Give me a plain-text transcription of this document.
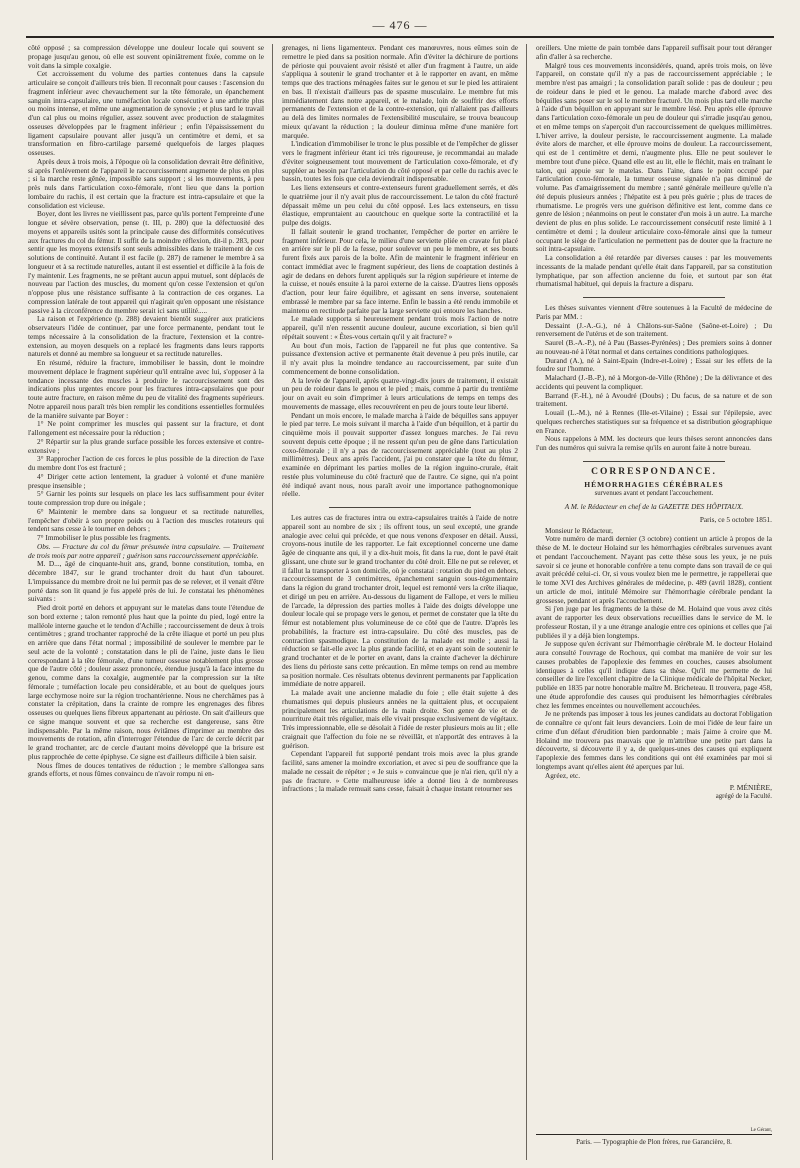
— 476 —

côté opposé ; sa compression développe une douleur locale qui souvent se propage jusqu'au genou, où elle est souvent opiniâtrement fixée, comme on le voit dans la simple coxalgie.

Cet accroissement du volume des parties contenues dans la capsule articulaire se conçoit d'ailleurs très bien. Il reconnaît pour causes : l'ascension du fragment inférieur avec chevauchement sur la tête fémorale, un épanchement sanguin intra-capsulaire, une tuméfaction locale consécutive à une arthrite plus ou moins intense, et même une augmentation de synovie ; et plus tard le travail d'un cal plus ou moins régulier, assez souvent avec production de stalagmites osseuses développées par le fragment inférieur ; enfin l'épaississement du ligament capsulaire pouvant aller jusqu'à un centimètre et demi, et sa transformation en fibro-cartilage parsemé quelquefois de larges plaques osseuses.

Après deux à trois mois, à l'époque où la consolidation devrait être définitive, si après l'enlèvement de l'appareil le raccourcissement augmente de plus en plus ; si la marche reste gênée, impossible sans support ; si les mouvements, à peu près nuls dans l'articulation coxo-fémorale, n'ont lieu que dans la portion lombaire du rachis, il est certain que la fracture est intra-capsulaire et que la consolidation est vicieuse.

Boyer, dont les livres ne vieillissent pas, parce qu'ils portent l'empreinte d'une longue et sévère observation, pense (t. III, p. 280) que la défectuosité des moyens et appareils usités sont la principale cause des difformités consécutives aux fractures du col du fémur. Il suffit de la moindre réflexion, dit-il p. 283, pour sentir que les moyens extensifs sont seuls admissibles dans le traitement de ces solutions de continuité. Autant il est facile (p. 287) de ramener le membre à sa longueur et à sa rectitude naturelles, autant il est essentiel et difficile à la fois de l'y maintenir. Les fragments, ne se prêtant aucun appui mutuel, sont déplacés de nouveau par l'action des muscles, du moment qu'on cesse l'extension et qu'on n'oppose plus une résistance suffisante à la contraction de ces organes. La compression latérale de tout appareil qui n'agirait qu'en opposant une résistance passive à la circonférence du membre serait ici sans utilité.....

La raison et l'expérience (p. 288) devaient bientôt suggérer aux praticiens observateurs l'idée de continuer, par une force permanente, pendant tout le temps nécessaire à la consolidation de la fracture, l'extension et la contre-extension, au moyen desquels on a replacé les fragments dans leurs rapports naturels et donné au membre sa longueur et sa rectitude naturelles.

En résumé, réduire la fracture, immobiliser le bassin, dont le moindre mouvement déplace le fragment supérieur qu'il entraîne avec lui, s'opposer à la tendance incessante des muscles à produire le raccourcissement sont des indications plus urgentes encore pour les fractures intra-capsulaires que pour toute autre fracture, en raison même du peu de vitalité des fragments supérieurs. Notre appareil nous paraît très bien remplir les conditions essentielles formulées de la manière suivante par Boyer :

1° Ne point comprimer les muscles qui passent sur la fracture, et dont l'allongement est nécessaire pour la réduction ;

2° Répartir sur la plus grande surface possible les forces extensive et contre-extensive ;

3° Rapprocher l'action de ces forces le plus possible de la direction de l'axe du membre dont l'os est fracturé ;

4° Diriger cette action lentement, la graduer à volonté et d'une manière presque insensible ;

5° Garnir les points sur lesquels on place les lacs suffisamment pour éviter toute compression trop dure ou inégale ;

6° Maintenir le membre dans sa longueur et sa rectitude naturelles, l'empêcher d'obéir à son propre poids ou à l'action des muscles rotateurs qui tendent sans cesse à le tourner en dehors ;

7° Immobiliser le plus possible les fragments.

Obs. — Fracture du col du fémur présumée intra capsulaire. — Traitement de trois mois par notre appareil ; guérison sans raccourcissement appréciable.

M. D..., âgé de cinquante-huit ans, grand, bonne constitution, tomba, en décembre 1847, sur le grand trochanter droit du haut d'un tabouret. L'impuissance du membre droit ne lui permit pas de se relever, et il venait d'être porté dans son lit quand je fus appelé près de lui. Je constatai les phénomènes suivants :

Pied droit porté en dehors et appuyant sur le matelas dans toute l'étendue de son bord externe ; talon remonté plus haut que la pointe du pied, logé entre la malléole interne gauche et le tendon d'Achille ; raccourcissement de deux à trois centimètres ; grand trochanter rapproché de la crête iliaque et porté un peu plus en arrière que dans l'état normal ; impossibilité de soulever le membre par le seul acte de la volonté ; constatation dans le pli de l'aine, juste dans le lieu correspondant à la tête fémorale, d'une tumeur osseuse notablement plus grosse que de l'autre côté ; douleur assez prononcée, étendue jusqu'à la face interne du genou, comme dans la coxalgie, augmentée par la compression sur la tête fémorale ; tuméfaction locale peu considérable, et au bout de quelques jours large ecchymose noire sur la région trochantérienne. Nous ne cherchâmes pas à constater la crépitation, dans la crainte de rompre les engrenages des fibres osseuses ou quelques liens fibreux appartenant au périoste. On sait d'ailleurs que ce signe manque souvent et que sa recherche est dangereuse, sans être indispensable. Par la même raison, nous évitâmes d'imprimer au membre des mouvements de rotation, afin d'interroger l'étendue de l'arc de cercle décrit par le grand trochanter, arc de cercle d'autant moins développé que la brisure est plus rapprochée de cette épiphyse. Ce signe est d'ailleurs difficile à bien saisir.

Nous fîmes de douces tentatives de réduction ; le membre s'allongea sans grands efforts, et nous fûmes convaincu de n'avoir rompu ni en-

grenages, ni liens ligamenteux. Pendant ces manœuvres, nous eûmes soin de remettre le pied dans sa position normale. Afin d'éviter la déchirure de portions de périoste qui pouvaient avoir résisté et aller d'un fragment à l'autre, un aide s'appliqua à soutenir le grand trochanter et à le rapporter en avant, en même temps que des tractions ménagées faites sur le genou et sur le pied les attiraient en bas. Il n'existait d'ailleurs pas de spasme musculaire. Le membre fut mis immédiatement dans notre appareil, et le malade, loin de souffrir des efforts permanents de l'extension et de la contre-extension, qui n'allaient pas d'ailleurs au delà des limites normales de l'extensibilité musculaire, se trouva beaucoup mieux qu'avant la réduction ; la douleur diminua même d'une manière fort marquée.

L'indication d'immobiliser le tronc le plus possible et de l'empêcher de glisser vers le fragment inférieur étant ici très rigoureuse, je recommandai au malade d'éviter soigneusement tout mouvement de l'articulation coxo-fémorale, et d'y suppléer au besoin par l'articulation du côté opposé et par celle du rachis avec le bassin, toutes les fois que cela deviendrait indispensable.

Les liens extenseurs et contre-extenseurs furent graduellement serrés, et dès le quatrième jour il n'y avait plus de raccourcissement. Le talon du côté fracturé dépassait même un peu celui du côté opposé. Les lacs extenseurs, en tissu élastique, empruntaient au caoutchouc en quelque sorte la contractilité et la pulpe des doigts.

Il fallait soutenir le grand trochanter, l'empêcher de porter en arrière le fragment inférieur. Pour cela, le milieu d'une serviette pliée en cravate fut placé en arrière sur le pli de la fesse, pour soulever un peu le membre, et ses bouts furent fixés aux parois de la boîte. Afin de maintenir le fragment inférieur en contact immédiat avec le fragment supérieur, des liens de coaptation destinés à agir de dedans en dehors furent appliqués sur la région supérieure et interne de la cuisse, et noués ensuite à la paroi externe de la caisse. D'autres liens opposés d'action, pour leur faire équilibre, et agissant en sens inverse, soutenaient embrassé le membre par sa face interne. Enfin le bassin a été rendu immobile et maintenu en rectitude parfaite par la large serviette qui entoure les hanches.

Le malade supporta si heureusement pendant trois mois l'action de notre appareil, qu'il n'en ressentit aucune douleur, aucune excoriation, si bien qu'il répétait souvent : « Êtes-vous certain qu'il y ait fracture? »

Au bout d'un mois, l'action de l'appareil ne fut plus que contentive. Sa puissance d'extension active et permanente était devenue à peu près inutile, car il n'y avait plus la moindre tendance au raccourcissement, par suite d'un commencement de bonne consolidation.

A la levée de l'appareil, après quatre-vingt-dix jours de traitement, il existait un peu de roideur dans le genou et le pied ; mais, comme à partir du trentième jour on avait eu soin d'imprimer à leurs articulations de temps en temps des mouvements de massage, elles recouvrèrent en peu de jours toute leur liberté.

Pendant un mois encore, le malade marcha à l'aide de béquilles sans appuyer le pied par terre. Le mois suivant il marcha à l'aide d'un béquillon, et à partir du cinquième mois il pouvait supporter d'assez longues marches. Je l'ai revu souvent depuis cette époque ; il ne ressent qu'un peu de gêne dans l'articulation coxo-fémorale ; il n'y a pas de raccourcissement appréciable (tout au plus 2 millimètres). Deux ans après l'accident, j'ai pu constater que la tête du fémur, examinée en déprimant les parties molles de la région inguino-crurale, était restée plus volumineuse du côté fracturé que de l'autre. Ce signe, qui n'a point été indiqué avant nous, nous paraît avoir une importance pathognomonique réelle.

Les autres cas de fractures intra ou extra-capsulaires traités à l'aide de notre appareil sont au nombre de six ; ils offrent tous, un seul excepté, une grande analogie avec celui qui précède, et que nous venons d'exposer en détail. Aussi, croyons-nous inutile de les rapporter. Le fait exceptionnel concerne une dame âgée de cinquante ans qui, il y a dix-huit mois, fit dans la rue, dont le pavé était glissant, une chute sur le grand trochanter du côté droit. Elle ne put se relever, et il fallut la transporter à son domicile, où je constatai : rotation du pied en dehors, raccourcissement de 3 centimètres, épanchement sanguin sous-tégumentaire dans la région du grand trochanter droit, lequel est remonté vers la crête iliaque, et dirigé un peu en arrière. Au-dessous du ligament de Fallope, et vers le milieu de l'arcade, la dépression des parties molles à l'aide des doigts développe une douleur locale qui se propage vers le genou, et permet de constater que la tête du fémur est notablement plus volumineuse de ce côté que de l'autre. D'après les probabilités, la fracture est intra-capsulaire. Du côté des muscles, pas de contraction spasmodique. La constitution de la malade est molle ; aussi la réduction se fait-elle avec la plus grande facilité, et en ayant soin de soutenir le grand trochanter et de le porter en avant, dans la crainte d'achever la déchirure des liens du périoste sans cette précaution. En même temps on rend au membre sa position normale. Ces résultats obtenus devinrent permanents par l'application immédiate de notre appareil.

La malade avait une ancienne maladie du foie ; elle était sujette à des rhumatismes qui depuis plusieurs années ne la quittaient plus, et occupaient principalement les articulations de la main droite. Son genre de vie et de nourriture était très régulier, mais elle vivait presque exclusivement de végétaux. Très impressionnable, elle se désolait à l'idée de rester plusieurs mois au lit ; elle craignait que l'affection du foie ne se réveillât, et n'apportât des entraves à la guérison.

Cependant l'appareil fut supporté pendant trois mois avec la plus grande facilité, sans amener la moindre excoriation, et avec si peu de souffrance que la malade ne cessait de répéter ; « Je suis » convaincue que je n'ai rien, qu'il n'y a pas de fracture. » Cette malheureuse idée a donné lieu à de nombreuses infractions ; la malade remuait sans cesse, faisait à chaque instant retourner ses

oreillers. Une miette de pain tombée dans l'appareil suffisait pour tout déranger afin d'aller à sa recherche.

Malgré tous ces mouvements inconsidérés, quand, après trois mois, on lève l'appareil, on constate qu'il n'y a pas de raccourcissement appréciable ; le membre n'est pas amaigri ; la consolidation paraît solide : pas de douleur ; peu de roideur dans le pied et le genou. La malade marche d'abord avec des béquilles sans poser sur le sol le membre fracturé. Un mois plus tard elle marche à l'aide d'un béquillon en appuyant sur le membre lésé. Peu après elle éprouve dans l'articulation coxo-fémorale un peu de douleur qui s'irradie jusqu'au genou, et en même temps on s'aperçoit d'un raccourcissement de quelques millimètres. L'hiver arrive, la douleur persiste, le raccourcissement augmente. La malade évite alors de marcher, et elle éprouve moins de douleur. La raccourcissement, qui est de 1 centimètre et demi, n'augmente plus. Elle ne peut soulever le membre tout d'une pièce. Quand elle est au lit, elle le fléchit, mais en traînant le talon, qui appuie sur le matelas. Dans l'aine, dans le point occupé par l'articulation coxo-fémorale, la tumeur osseuse signalée n'a pas diminué de volume. Pas d'amaigrissement du membre ; santé générale meilleure qu'elle n'a été depuis plusieurs années ; l'hépatite est à peu près guérie ; plus de traces de rhumatisme. Le progrès vers une guérison définitive est lent, comme dans ce genre de lésion ; néanmoins on peut le constater d'un mois à un autre. La marche devient de plus en plus solide. Le raccourcissement consécutif reste limité à 1 centimètre et demi ; la douleur articulaire coxo-fémorale ainsi que la tumeur occupant le siège de l'articulation ne permettent pas de douter que la fracture ne soit intra-capsulaire.

La consolidation a été retardée par diverses causes : par les mouvements incessants de la malade pendant qu'elle était dans l'appareil, par sa constitution lymphatique, par son affection ancienne du foie, et surtout par son état rhumatismal habituel, qui depuis la fracture a disparu.

Les thèses suivantes viennent d'être soutenues à la Faculté de médecine de Paris par MM. :

Dessaint (J.-A.-G.), né à Châlons-sur-Saône (Saône-et-Loire) ; Du renversement de l'utérus et de son traitement.

Saurel (B.-A.-P.), né à Pau (Basses-Pyrénées) ; Des premiers soins à donner au nouveau-né à l'état normal et dans certaines conditions pathologiques.

Durand (A.), né à Saint-Epain (Indre-et-Loire) ; Essai sur les effets de la foudre sur l'homme.

Malachard (J.-B.-P.), né à Morgon-de-Ville (Rhône) ; De la délivrance et des accidents qui peuvent la compliquer.

Barrand (F.-H.), né à Avoudré (Doubs) ; Du facus, de sa nature et de son traitement.

Louail (L.-M.), né à Rennes (Ille-et-Vilaine) ; Essai sur l'épilepsie, avec quelques recherches statistiques sur sa fréquence et sa distribution géographique en France.

Nous rappelons à MM. les docteurs que leurs thèses seront annoncées dans l'un des numéros qui suivra la remise qu'ils en auront faite à notre bureau.

CORRESPONDANCE.
HÉMORRHAGIES CÉRÉBRALES
survenues avant et pendant l'accouchement.
A M. le Rédacteur en chef de la GAZETTE DES HÔPITAUX.
Paris, ce 5 octobre 1851.

Monsieur le Rédacteur,

Votre numéro de mardi dernier (3 octobre) contient un article à propos de la thèse de M. le docteur Holaind sur les hémorrhagies cérébrales survenues avant et pendant l'accouchement. N'ayant pas cette thèse sous les yeux, je ne puis savoir si ce jeune et honorable confrère a tenu compte dans son travail de ce qui avait précédé celui-ci. Or, si vous voulez bien me le permettre, je rappellerai que le tome XVI des Archives générales de médecine, p. 489 (avril 1828), contient un article de moi, intitulé Mémoire sur l'hémorrhagie cérébrale pendant la grossesse, pendant et après l'accouchement.

Si j'en juge par les fragments de la thèse de M. Holaind que vous avez cités avant de rapporter les deux observations recueillies dans le service de M. le professeur Rostan, il y a une étrange analogie entre ces opinions et celles que j'ai publiées il y a déjà bien longtemps.

Je suppose qu'en écrivant sur l'hémorrhagie cérébrale M. le docteur Holaind aura consulté l'ouvrage de Rochoux, qui combat ma manière de voir sur les causes probables de l'apoplexie des femmes en couches, causes absolument identiques à celles qu'il indique dans sa thèse. Qu'il me permette de lui conseiller de lire l'excellent chapitre de la Clinique médicale de l'hôpital Necker, publiée en 1835 par notre honorable maître M. Bricheteau. Il trouvera, page 458, une étude approfondie des causes qui produisent les hémorrhagies cérébrales chez les femmes enceintes ou nouvellement accouchées.

Je ne prétends pas imposer à tous les jeunes candidats au doctorat l'obligation de connaître ce qu'ont fait leurs devanciers. Loin de moi l'idée de leur faire un crime d'un défaut d'érudition bien pardonnable ; mais j'aime à croire que M. Holaind me trouvera pas mauvais que je m'attribue une petite part dans la découverte, si découverte il y a, de quelques-unes des causes qui expliquent l'apoplexie des femmes dans les conditions qui ont été examinées par moi si longtemps avant qu'elles aient été aperçues par lui.

Agréez, etc.

P. MÉNIÈRE,
agrégé de la Faculté.
Le Gérant,
Paris. — Typographie de Plon frères, rue Garancière, 8.
